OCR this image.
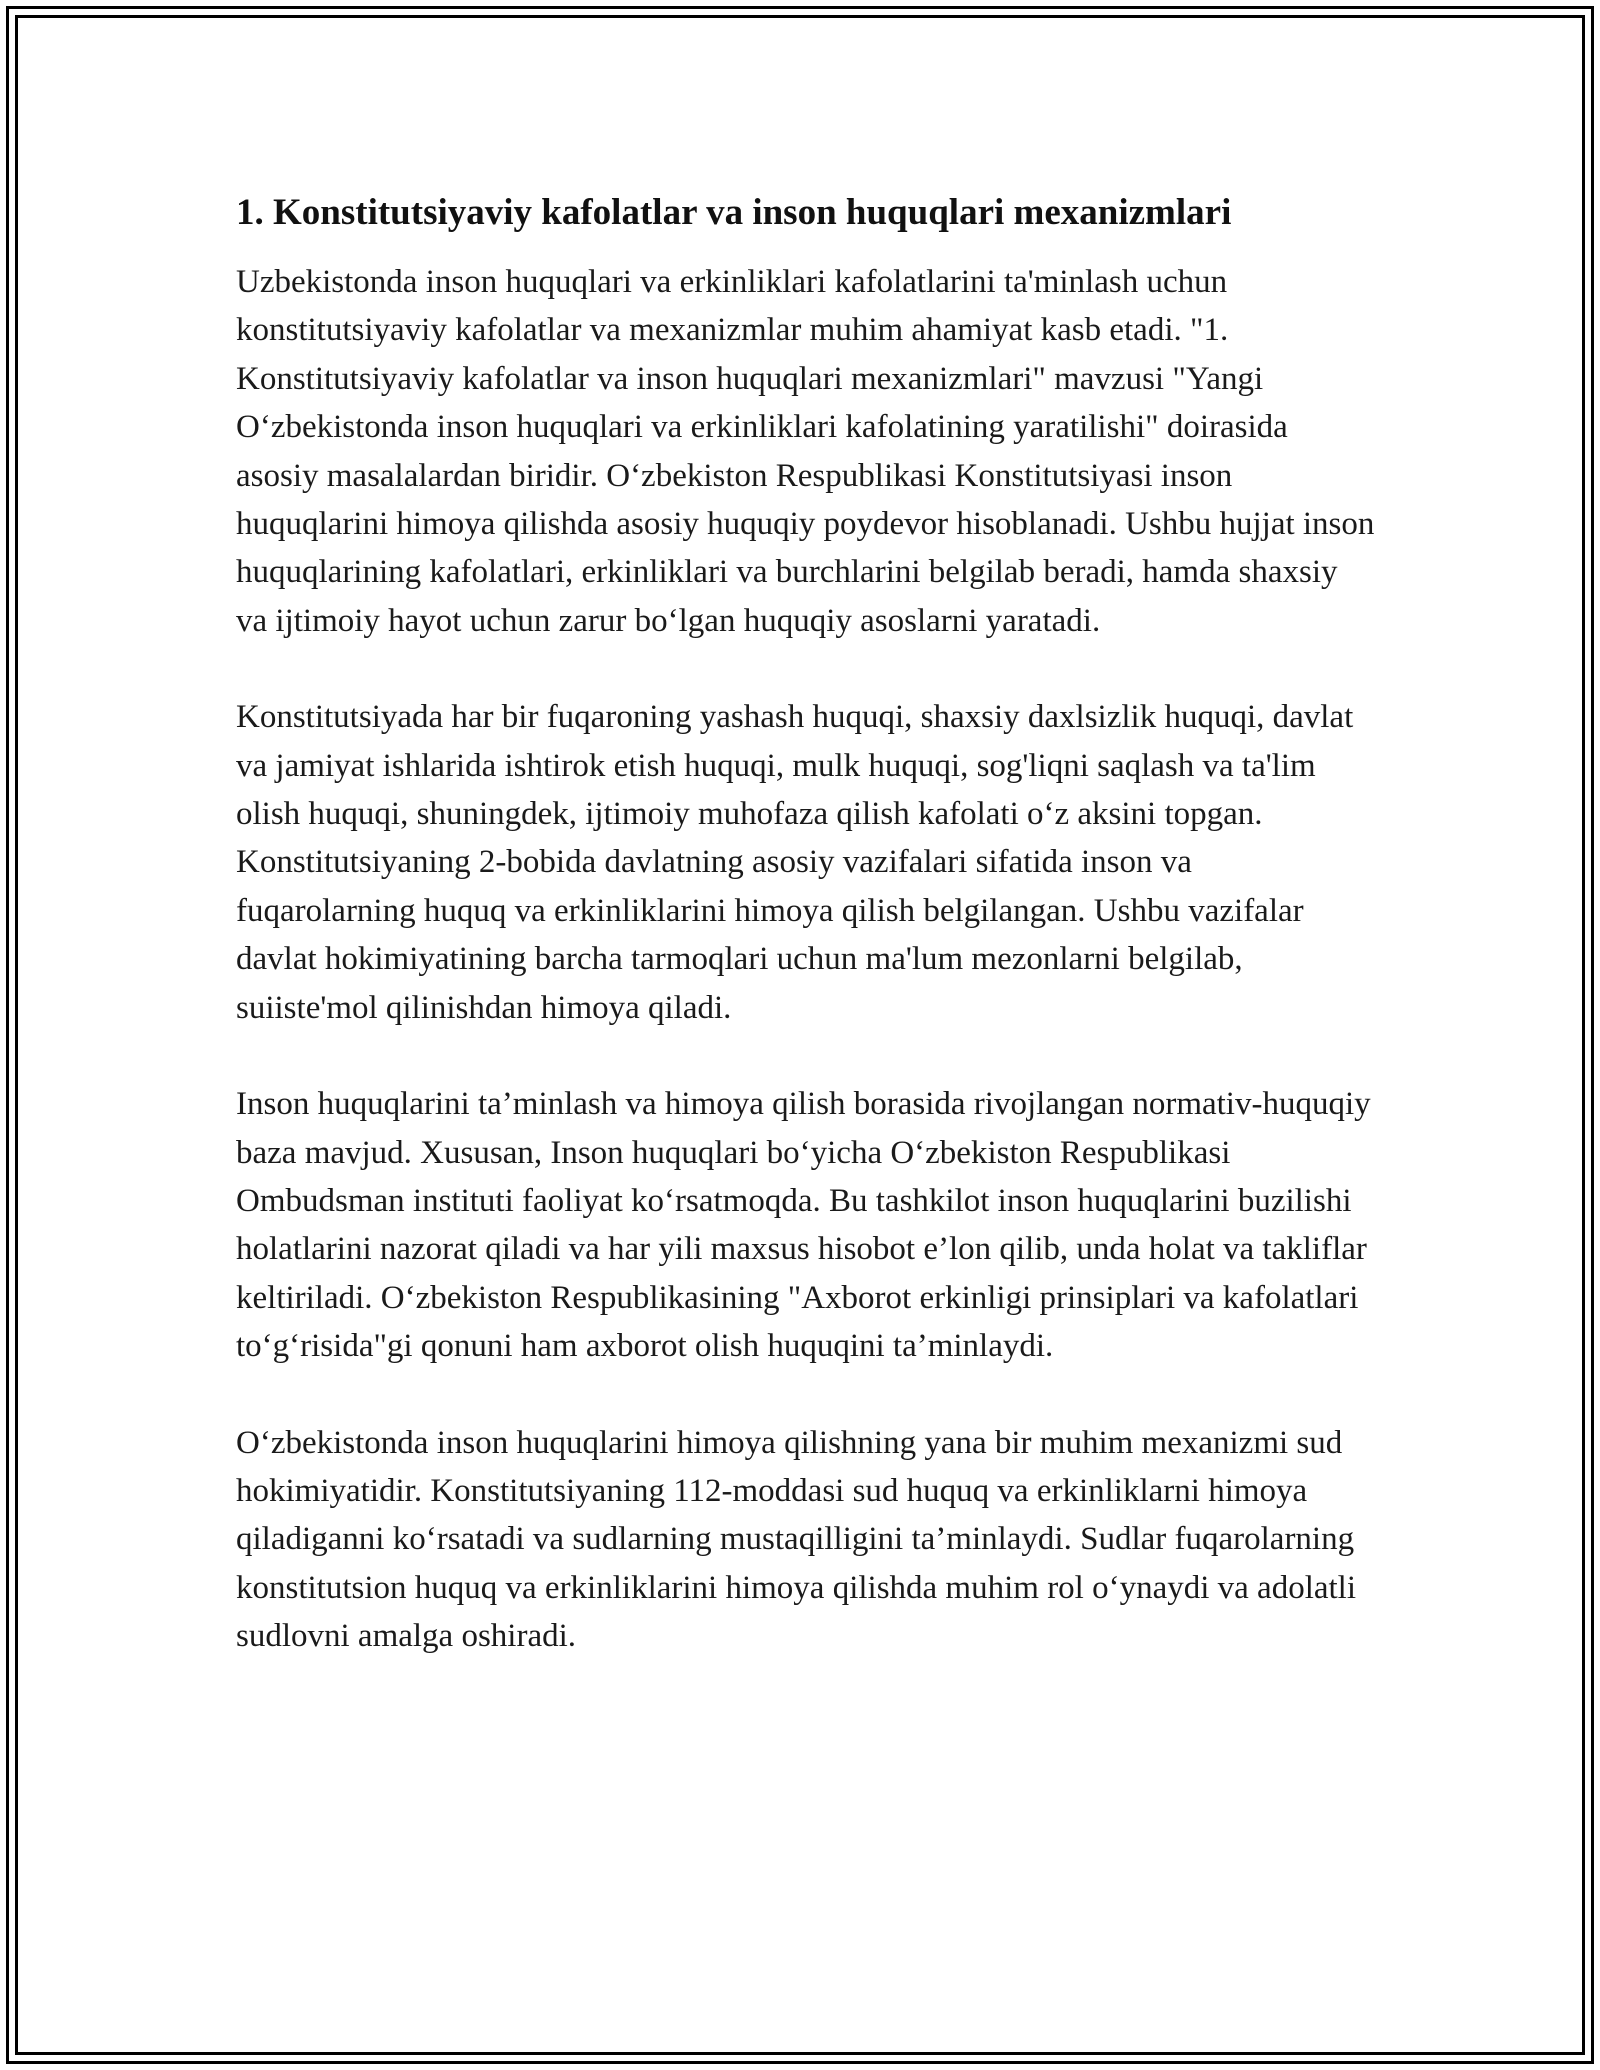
1. Konstitutsiyaviy kafolatlar va inson huquqlari mexanizmlari

Uzbekistonda inson huquqlari va erkinliklari kafolatlarini ta'minlash uchun konstitutsiyaviy kafolatlar va mexanizmlar muhim ahamiyat kasb etadi. "1. Konstitutsiyaviy kafolatlar va inson huquqlari mexanizmlari" mavzusi "Yangi Oʻzbekistonda inson huquqlari va erkinliklari kafolatining yaratilishi" doirasida asosiy masalalardan biridir. Oʻzbekiston Respublikasi Konstitutsiyasi inson huquqlarini himoya qilishda asosiy huquqiy poydevor hisoblanadi. Ushbu hujjat inson huquqlarining kafolatlari, erkinliklari va burchlarini belgilab beradi, hamda shaxsiy va ijtimoiy hayot uchun zarur boʻlgan huquqiy asoslarni yaratadi.

Konstitutsiyada har bir fuqaroning yashash huquqi, shaxsiy daxlsizlik huquqi, davlat va jamiyat ishlarida ishtirok etish huquqi, mulk huquqi, sog'liqni saqlash va ta'lim olish huquqi, shuningdek, ijtimoiy muhofaza qilish kafolati oʻz aksini topgan. Konstitutsiyaning 2-bobida davlatning asosiy vazifalari sifatida inson va fuqarolarning huquq va erkinliklarini himoya qilish belgilangan. Ushbu vazifalar davlat hokimiyatining barcha tarmoqlari uchun ma'lum mezonlarni belgilab, suiiste'mol qilinishdan himoya qiladi.

Inson huquqlarini ta’minlash va himoya qilish borasida rivojlangan normativ-huquqiy baza mavjud. Xususan, Inson huquqlari boʻyicha Oʻzbekiston Respublikasi Ombudsman instituti faoliyat koʻrsatmoqda. Bu tashkilot inson huquqlarini buzilishi holatlarini nazorat qiladi va har yili maxsus hisobot e’lon qilib, unda holat va takliflar keltiriladi. Oʻzbekiston Respublikasining "Axborot erkinligi prinsiplari va kafolatlari toʻgʻrisida"gi qonuni ham axborot olish huquqini ta’minlaydi.

Oʻzbekistonda inson huquqlarini himoya qilishning yana bir muhim mexanizmi sud hokimiyatidir. Konstitutsiyaning 112-moddasi sud huquq va erkinliklarni himoya qiladiganni koʻrsatadi va sudlarning mustaqilligini ta’minlaydi. Sudlar fuqarolarning konstitutsion huquq va erkinliklarini himoya qilishda muhim rol oʻynaydi va adolatli sudlovni amalga oshiradi.
